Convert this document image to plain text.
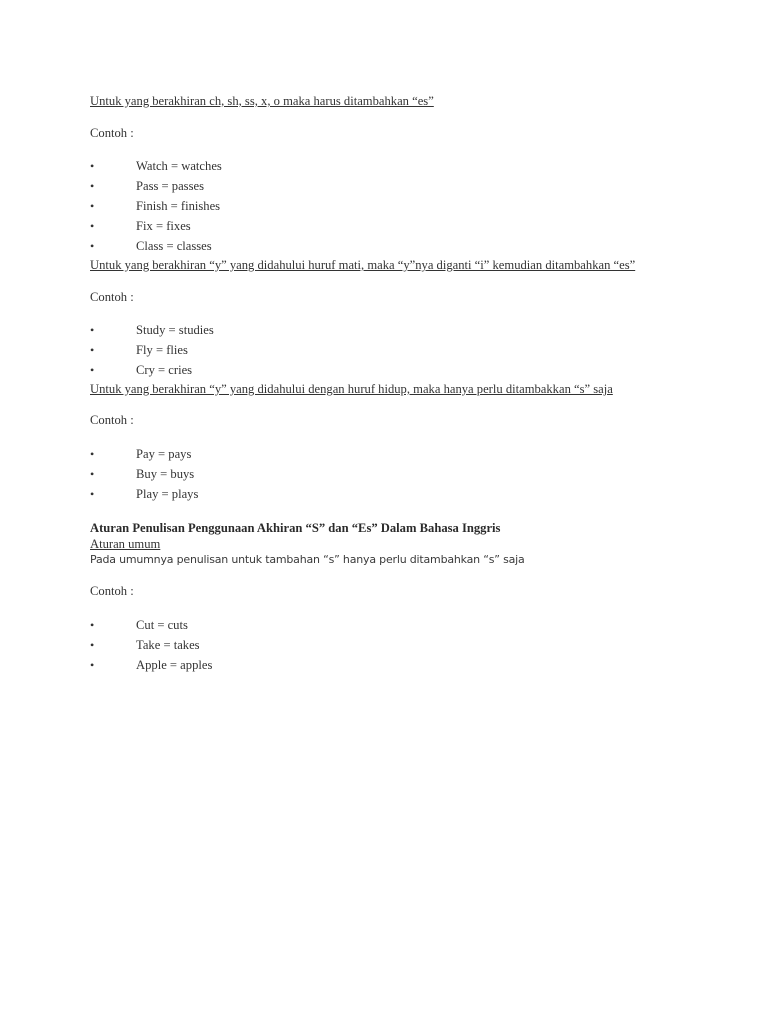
Untuk yang berakhiran ch, sh, ss, x, o maka harus ditambahkan “es”
Contoh :
•	Watch = watches
•	Pass = passes
•	Finish = finishes
•	Fix = fixes
•	Class = classes
Untuk yang berakhiran “y” yang didahului huruf mati, maka “y”nya diganti “i” kemudian ditambahkan “es”
Contoh :
•	Study = studies
•	Fly = flies
•	Cry = cries
Untuk yang berakhiran “y” yang didahului dengan huruf hidup, maka hanya perlu ditambakkan “s” saja
Contoh :
•	Pay = pays
•	Buy = buys
•	Play = plays
Aturan Penulisan Penggunaan Akhiran “S” dan “Es” Dalam Bahasa Inggris
Aturan umum
Pada umumnya penulisan untuk tambahan “s” hanya perlu ditambahkan “s” saja
Contoh :
•	Cut = cuts
•	Take = takes
•	Apple = apples
